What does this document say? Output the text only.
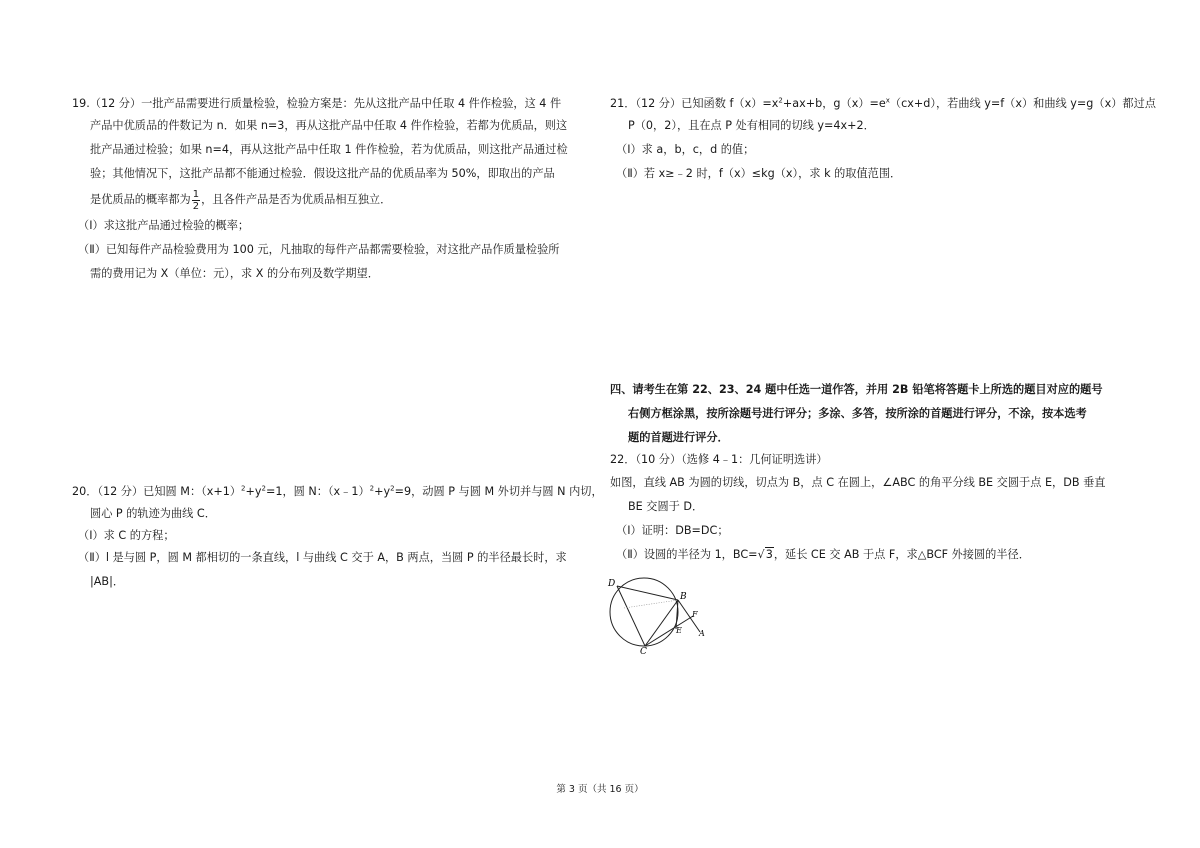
19.（12 分）一批产品需要进行质量检验，检验方案是：先从这批产品中任取 4 件作检验，这 4 件

产品中优质品的件数记为 n．如果 n=3，再从这批产品中任取 4 件作检验，若都为优质品，则这

批产品通过检验；如果 n=4，再从这批产品中任取 1 件作检验，若为优质品，则这批产品通过检

验；其他情况下，这批产品都不能通过检验．假设这批产品的优质品率为 50%，即取出的产品

是优质品的概率都为 $\frac{1}{2}$ ，且各件产品是否为优质品相互独立．

（Ⅰ）求这批产品通过检验的概率；

（Ⅱ）已知每件产品检验费用为 100 元，凡抽取的每件产品都需要检验，对这批产品作质量检验所

需的费用记为 X（单位：元），求 X 的分布列及数学期望．

20．（12 分）已知圆 M：$(x+1)^2+y^2=1$，圆 N：$(x﹣1)^2+y^2=9$，动圆 P 与圆 M 外切并与圆 N 内切，

圆心 P 的轨迹为曲线 C．

（Ⅰ）求 C 的方程；

（Ⅱ）l 是与圆 P，圆 M 都相切的一条直线，l 与曲线 C 交于 A，B 两点，当圆 P 的半径最长时，求

|AB|．

21．（12 分）已知函数 $f(x)=x^2+ax+b$，$g(x)=e^x(cx+d)$，若曲线 y=f（x）和曲线 y=g（x）都过点

P（0，2），且在点 P 处有相同的切线 y=4x+2．

（Ⅰ）求 a，b，c，d 的值；

（Ⅱ）若 x≥﹣2 时，f（x）≤kg（x），求 k 的取值范围．

四、请考生在第 22、23、24 题中任选一道作答，并用 2B 铅笔将答题卡上所选的题目对应的题号

右侧方框涂黑，按所涂题号进行评分；多涂、多答，按所涂的首题进行评分，不涂，按本选考

题的首题进行评分．

22．（10 分）（选修 4﹣1：几何证明选讲）

如图，直线 AB 为圆的切线，切点为 B，点 C 在圆上，∠ABC 的角平分线 BE 交圆于点 E，DB 垂直

BE 交圆于 D．

（Ⅰ）证明：DB=DC；

（Ⅱ）设圆的半径为 1，BC=√3，延长 CE 交 AB 于点 F，求△BCF 外接圆的半径．

D
B
F
E A
C
第 3 页（共 16 页）
